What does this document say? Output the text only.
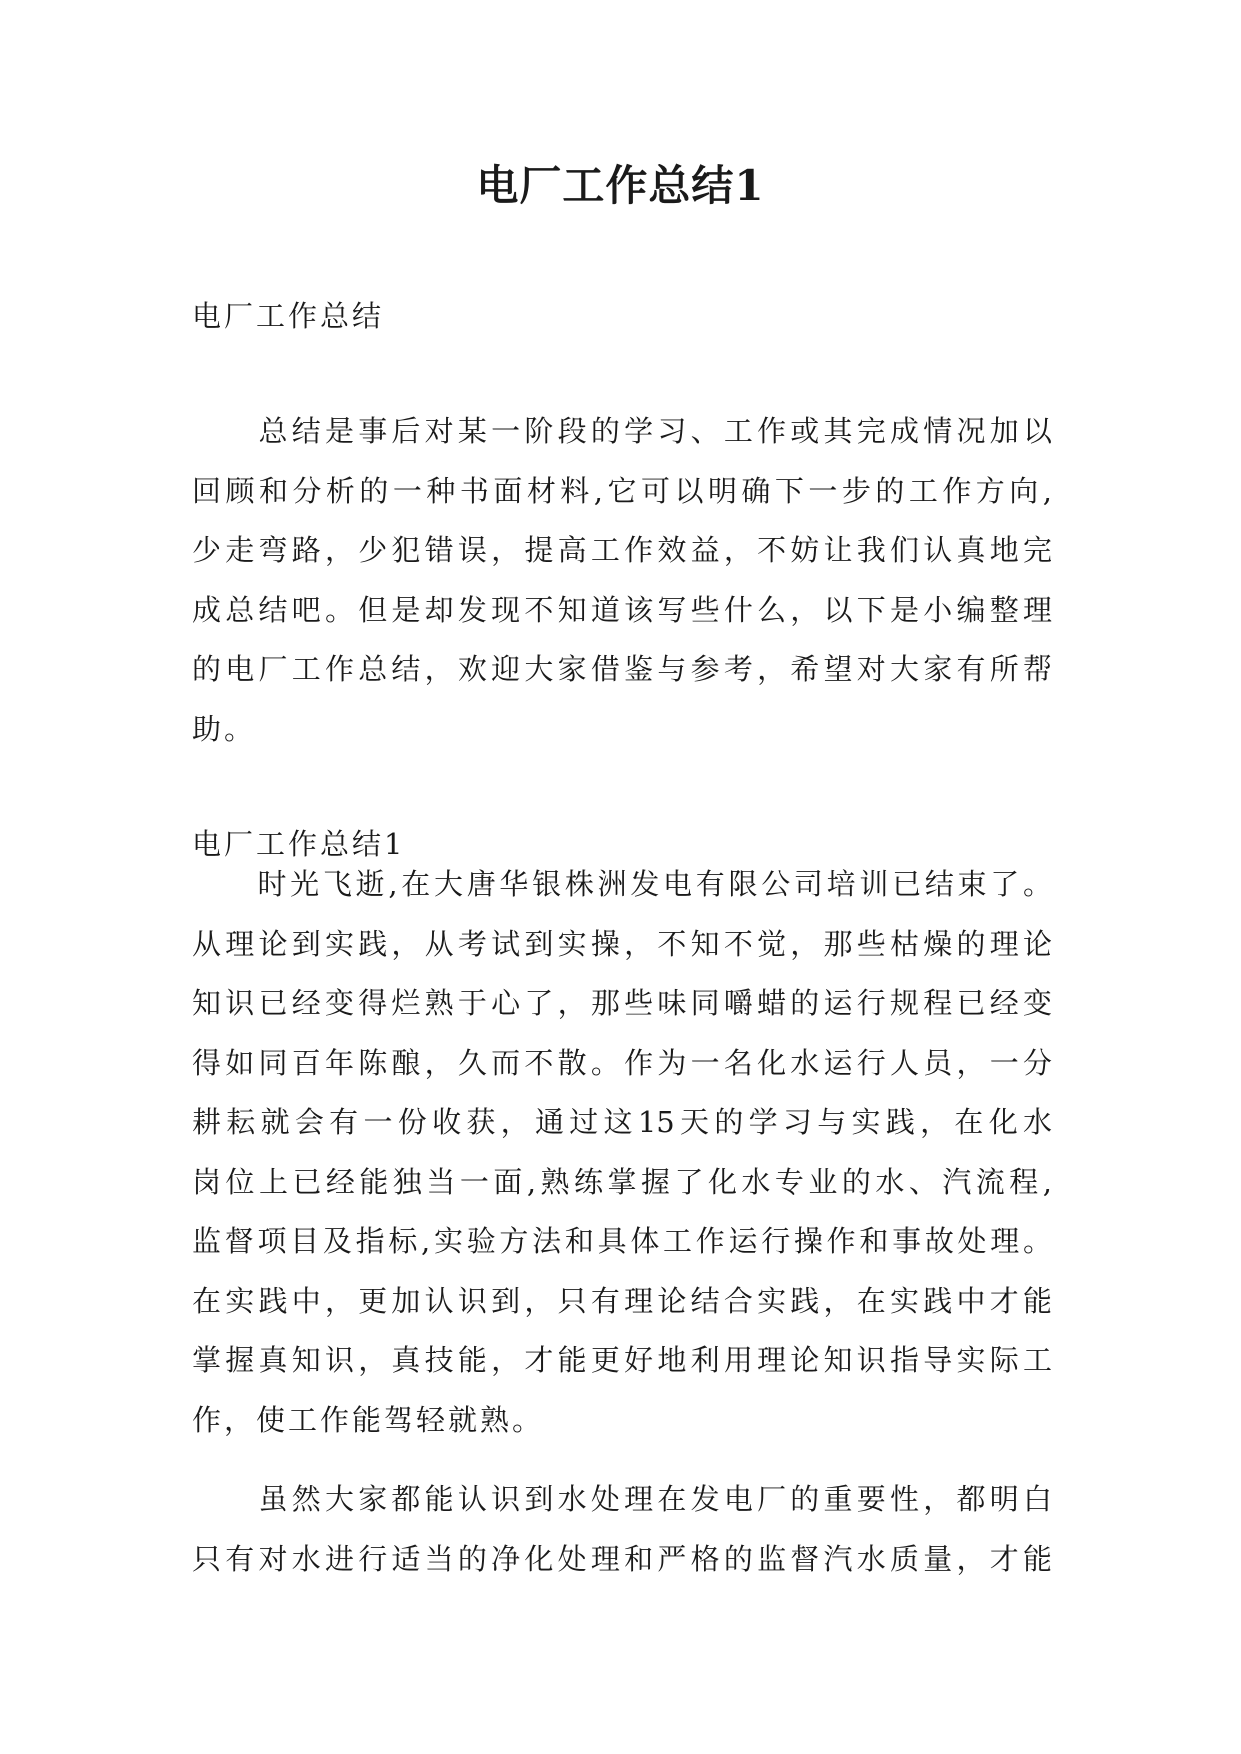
电厂工作总结1
电厂工作总结
　　总结是事后对某一阶段的学习、工作或其完成情况加以
回顾和分析的一种书面材料,它可以明确下一步的工作方向,
少走弯路，少犯错误，提高工作效益，不妨让我们认真地完
成总结吧。但是却发现不知道该写些什么，以下是小编整理
的电厂工作总结，欢迎大家借鉴与参考，希望对大家有所帮
助。
电厂工作总结1
　　时光飞逝,在大唐华银株洲发电有限公司培训已结束了。
从理论到实践，从考试到实操，不知不觉，那些枯燥的理论
知识已经变得烂熟于心了，那些味同嚼蜡的运行规程已经变
得如同百年陈酿，久而不散。作为一名化水运行人员，一分
耕耘就会有一份收获，通过这15天的学习与实践，在化水
岗位上已经能独当一面,熟练掌握了化水专业的水、汽流程,
监督项目及指标,实验方法和具体工作运行操作和事故处理。
在实践中，更加认识到，只有理论结合实践，在实践中才能
掌握真知识，真技能，才能更好地利用理论知识指导实际工
作，使工作能驾轻就熟。
　　虽然大家都能认识到水处理在发电厂的重要性，都明白
只有对水进行适当的净化处理和严格的监督汽水质量，才能
